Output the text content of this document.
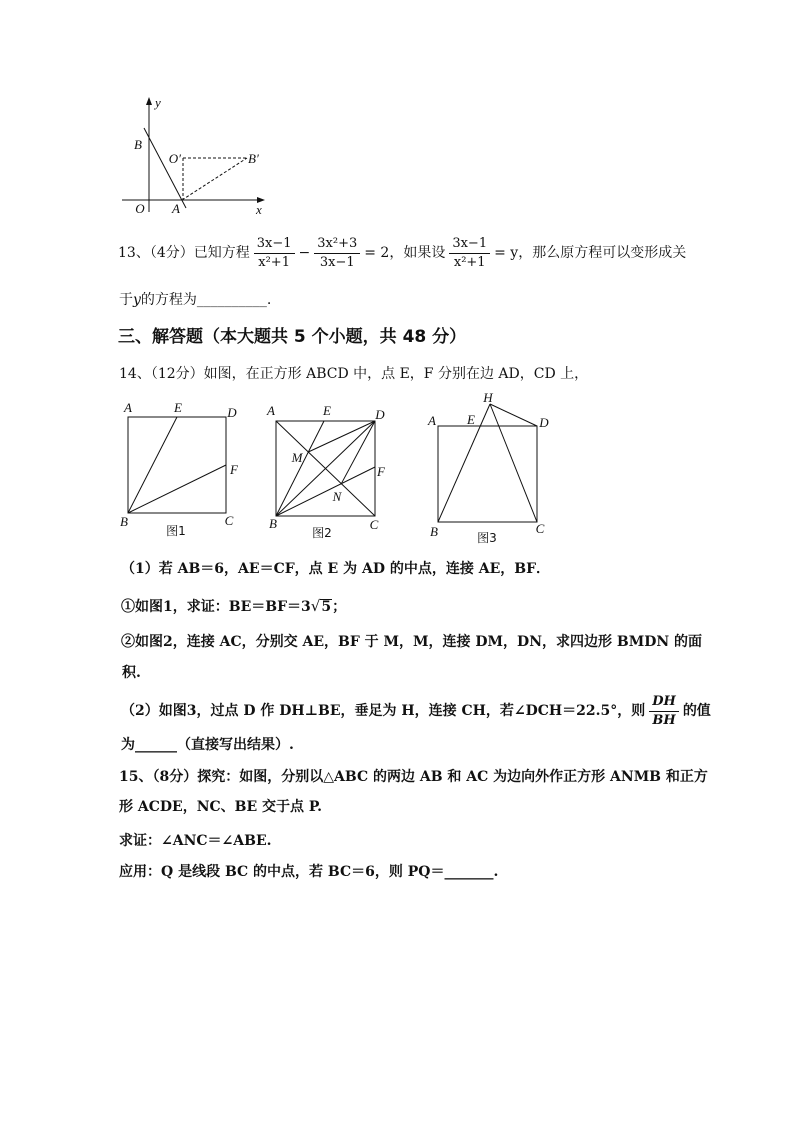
y
x
O A
B
O′	B′
13、（4分）已知方程 $\frac{3x-1}{\text{x²+1}} - \frac{\text{3x²+3}}{3x-1} = 2$，如果设 $\frac{3x-1}{\text{x²+1}} = y$，那么原方程可以变形成关
于y的方程为__________.
三、解答题（本大题共 5 个小题，共 48 分）
14、（12分）如图，在正方形 ABCD 中，点 E，F 分别在边 AD，CD 上，
A	E	D
F
B	C
图1
A	E	D
M
F
N
B	C
图2
H
A E	D
B	C
图3
（1）若 AB＝6，AE＝CF，点 E 为 AD 的中点，连接 AE，BF．
①如图1，求证：BE＝BF＝3√5；
②如图2，连接 AC，分别交 AE，BF 于 M，M，连接 DM，DN，求四边形 BMDN 的面
积.
（2）如图3，过点 D 作 DH⊥BE，垂足为 H，连接 CH，若∠DCH＝22.5°，则 $\frac{DH}{BH}$ 的值
为______（直接写出结果）.
15、（8分）探究：如图，分别以△ABC 的两边 AB 和 AC 为边向外作正方形 ANMB 和正方
形 ACDE，NC、BE 交于点 P.
求证：∠ANC＝∠ABE.
应用：Q 是线段 BC 的中点，若 BC＝6，则 PQ＝_______.
